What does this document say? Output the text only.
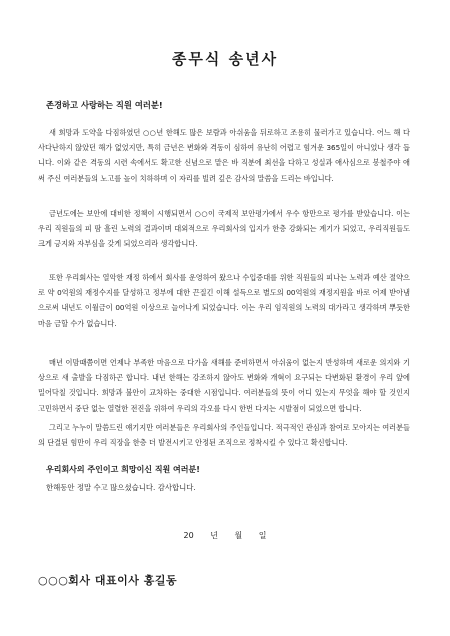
종무식 송년사
존경하고 사랑하는 직원 여러분!

새 희망과 도약을 다짐하였던 ○○년 한해도 많은 보람과 아쉬움을 뒤로하고 조용히 물러가고 있습니다. 어느 해 다사다난하지 않았던 해가 없었지만, 특히 금년은 변화와 격동이 심하여 유난히 어렵고 힘겨운 365일이 아니었나 생각 듭니다. 이와 같은 격동의 시련 속에서도 확고한 신념으로 맡은 바 직분에 최선을 다하고 성실과 애사심으로 봉철주야 애써 주신 여러분들의 노고를 높이 치하하며 이 자리를 빌려 깊은 감사의 말씀을 드리는 바입니다.

금년도에는 보안에 대비한 정책이 시행되면서 ○○이 국제적 보안평가에서 우수 항만으로 평가를 받았습니다. 이는 우리 직원들의 피 땀 흘린 노력의 결과이며 대외적으로 우리회사의 입지가 한층 강화되는 계기가 되었고, 우리직원들도 크게 긍지와 자부심을 갖게 되었으리라 생각합니다.

또한 우리회사는 열악한 재정 하에서 회사를 운영하여 왔으나 수입증대를 위한 직원들의 피나는 노력과 예산 절약으로 약 0억원의 재정수지를 달성하고 정부에 대한 끈질긴 이해 설득으로 별도의 00억원의 재정지원을 바로 어제 받아냄으로써 내년도 이월금이 00억원 이상으로 늘어나게 되었습니다. 이는 우리 임직원의 노력의 대가라고 생각하며 뿌듯한 마음 금할 수가 없습니다.

매년 이맘때쯤이면 언제나 부족한 마음으로 다가올 새해를 준비하면서 아쉬움이 없는지 반성하며 새로운 의지와 기상으로 새 출발을 다짐하곤 합니다. 내년 한해는 강조하지 않아도 변화와 개혁이 요구되는 다변화된 환경이 우리 앞에 밀어닥칠 것입니다. 희망과 불안이 교차하는 중대한 시점입니다. 여러분들의 뜻이 어디 있는지 무엇을 해야 할 것인지 고민하면서 중단 없는 열렬한 전진을 위하여 우리의 각오를 다시 한번 다지는 시발점이 되었으면 합니다.

그리고 누누이 말씀드린 얘기지만 여러분들은 우리회사의 주인들입니다. 적극적인 관심과 참여로 모아지는 여러분들의 단결된 힘만이 우리 직장을 한층 더 발전시키고 안정된 조직으로 정착시킬 수 있다고 확신합니다.

우리회사의 주인이고 희망이신 직원 여러분!
한해동안 정말 수고 많으셨습니다. 감사합니다.
20 년 월 일
○○○회사 대표이사 홍길동
